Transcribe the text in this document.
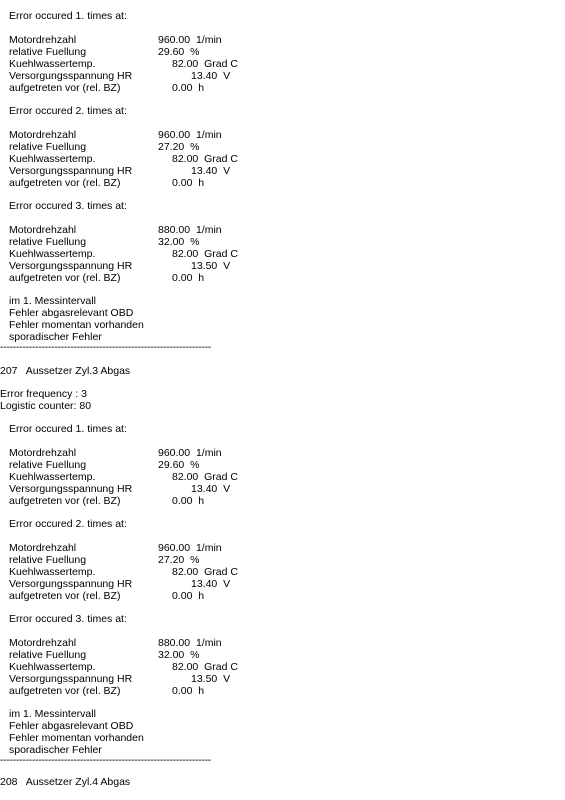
Error occured 1. times at:
Motordrehzahl	960.00  1/min
relative Fuellung	29.60  %
Kuehlwassertemp.	82.00  Grad C
Versorgungsspannung HR	13.40  V
aufgetreten vor (rel. BZ)	0.00  h
Error occured 2. times at:
Motordrehzahl	960.00  1/min
relative Fuellung	27.20  %
Kuehlwassertemp.	82.00  Grad C
Versorgungsspannung HR	13.40  V
aufgetreten vor (rel. BZ)	0.00  h
Error occured 3. times at:
Motordrehzahl	880.00  1/min
relative Fuellung	32.00  %
Kuehlwassertemp.	82.00  Grad C
Versorgungsspannung HR	13.50  V
aufgetreten vor (rel. BZ)	0.00  h
im 1. Messintervall
Fehler abgasrelevant OBD
Fehler momentan vorhanden
sporadischer Fehler
------------------------------------------------------------------
207   Aussetzer Zyl.3 Abgas
Error frequency : 3
Logistic counter: 80
Error occured 1. times at:
Motordrehzahl	960.00  1/min
relative Fuellung	29.60  %
Kuehlwassertemp.	82.00  Grad C
Versorgungsspannung HR	13.40  V
aufgetreten vor (rel. BZ)	0.00  h
Error occured 2. times at:
Motordrehzahl	960.00  1/min
relative Fuellung	27.20  %
Kuehlwassertemp.	82.00  Grad C
Versorgungsspannung HR	13.40  V
aufgetreten vor (rel. BZ)	0.00  h
Error occured 3. times at:
Motordrehzahl	880.00  1/min
relative Fuellung	32.00  %
Kuehlwassertemp.	82.00  Grad C
Versorgungsspannung HR	13.50  V
aufgetreten vor (rel. BZ)	0.00  h
im 1. Messintervall
Fehler abgasrelevant OBD
Fehler momentan vorhanden
sporadischer Fehler
------------------------------------------------------------------
208   Aussetzer Zyl.4 Abgas
